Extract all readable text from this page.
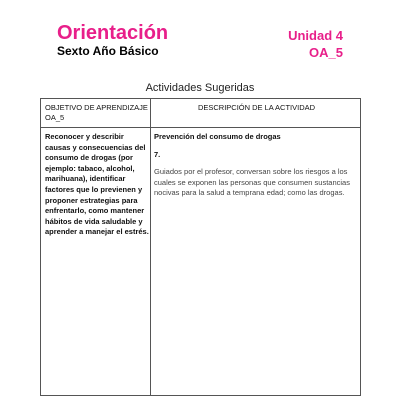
Orientación
Sexto Año Básico
Unidad 4
OA_5
Actividades Sugeridas
OBJETIVO DE APRENDIZAJE OA_5
DESCRIPCIÓN DE LA ACTIVIDAD
Reconocer y describir causas y consecuencias del consumo de drogas (por ejemplo: tabaco, alcohol, marihuana), identificar factores que lo previenen y proponer estrategias para enfrentarlo, como mantener hábitos de vida saludable y aprender a manejar el estrés.
Prevención del consumo de drogas
7.
Guiados por el profesor, conversan sobre los riesgos a los cuales se exponen las personas que consumen sustancias nocivas para la salud a temprana edad; como las drogas.
